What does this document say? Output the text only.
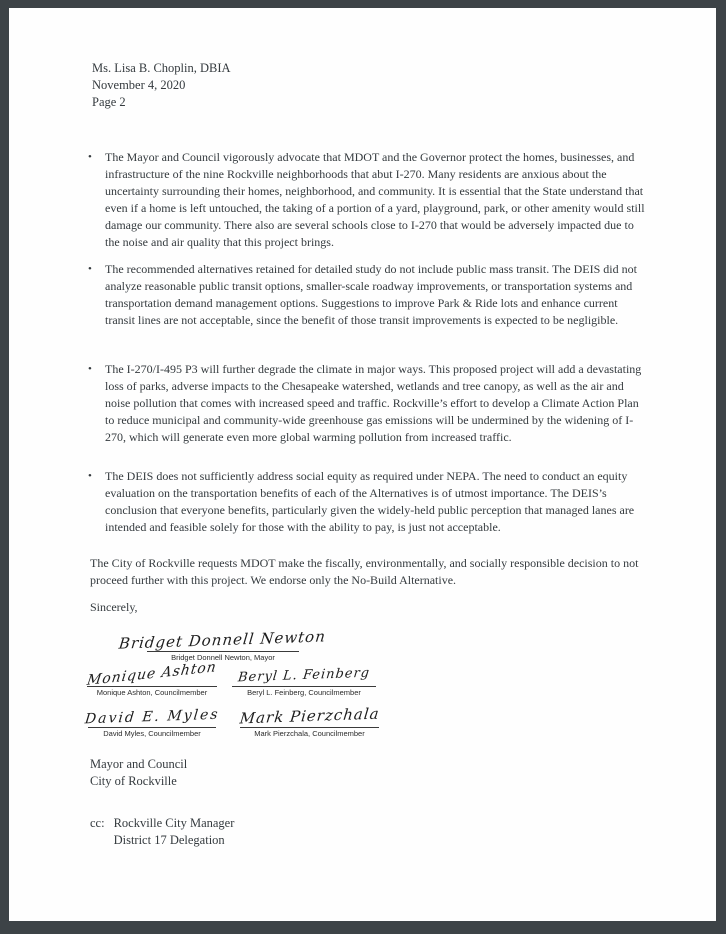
Ms. Lisa B. Choplin, DBIA
November 4, 2020
Page 2
•	The Mayor and Council vigorously advocate that MDOT and the Governor protect the homes, businesses, and infrastructure of the nine Rockville neighborhoods that abut I-270. Many residents are anxious about the uncertainty surrounding their homes, neighborhood, and community. It is essential that the State understand that even if a home is left untouched, the taking of a portion of a yard, playground, park, or other amenity would still damage our community. There also are several schools close to I-270 that would be adversely impacted due to the noise and air quality that this project brings.
•	The recommended alternatives retained for detailed study do not include public mass transit. The DEIS did not analyze reasonable public transit options, smaller-scale roadway improvements, or transportation systems and transportation demand management options. Suggestions to improve Park & Ride lots and enhance current transit lines are not acceptable, since the benefit of those transit improvements is expected to be negligible.
•	The I-270/I-495 P3 will further degrade the climate in major ways. This proposed project will add a devastating loss of parks, adverse impacts to the Chesapeake watershed, wetlands and tree canopy, as well as the air and noise pollution that comes with increased speed and traffic. Rockville’s effort to develop a Climate Action Plan to reduce municipal and community-wide greenhouse gas emissions will be undermined by the widening of I-270, which will generate even more global warming pollution from increased traffic.
•	The DEIS does not sufficiently address social equity as required under NEPA. The need to conduct an equity evaluation on the transportation benefits of each of the Alternatives is of utmost importance. The DEIS’s conclusion that everyone benefits, particularly given the widely-held public perception that managed lanes are intended and feasible solely for those with the ability to pay, is just not acceptable.
The City of Rockville requests MDOT make the fiscally, environmentally, and socially responsible decision to not proceed further with this project. We endorse only the No-Build Alternative.
Sincerely,
Bridget Donnell Newton
Bridget Donnell Newton, Mayor
Monique Ashton
Monique Ashton, Councilmember
Beryl L. Feinberg
Beryl L. Feinberg, Councilmember
David E. Myles
David Myles, Councilmember
Mark Pierzchala
Mark Pierzchala, Councilmember
Mayor and Council
City of Rockville
cc: Rockville City Manager
District 17 Delegation
